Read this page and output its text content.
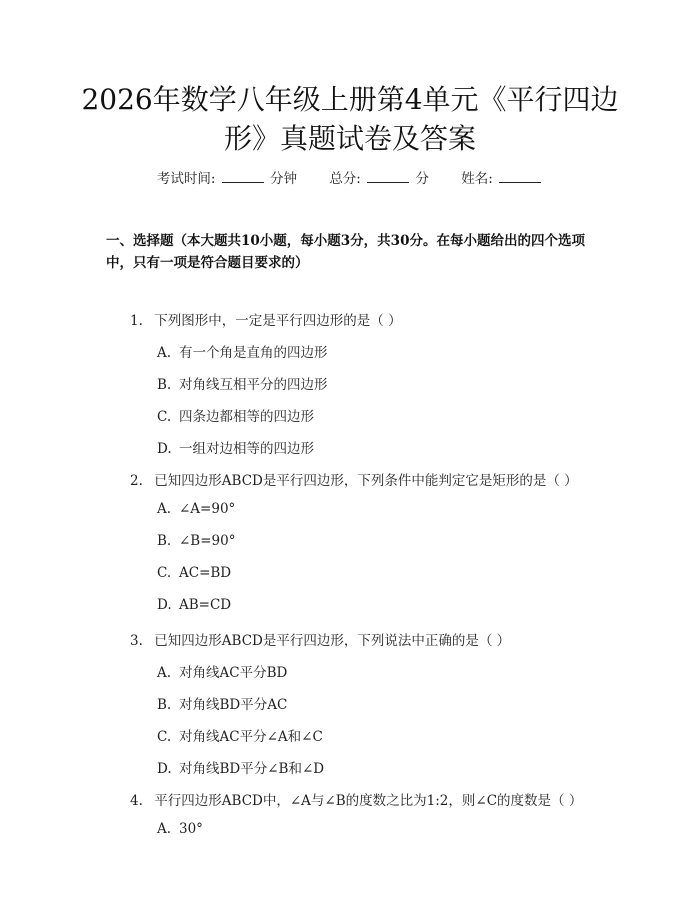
2026年数学八年级上册第4单元《平行四边
形》真题试卷及答案
考试时间:	分钟 总分:	分 姓名:
一、选择题（本大题共10小题，每小题3分，共30分。在每小题给出的四个选项中，只有一项是符合题目要求的）
1. 下列图形中，一定是平行四边形的是（ ）
A. 有一个角是直角的四边形
B. 对角线互相平分的四边形
C. 四条边都相等的四边形
D. 一组对边相等的四边形
2. 已知四边形ABCD是平行四边形，下列条件中能判定它是矩形的是（ ）
A. ∠A=90°
B. ∠B=90°
C. AC=BD
D. AB=CD
3. 已知四边形ABCD是平行四边形，下列说法中正确的是（ ）
A. 对角线AC平分BD
B. 对角线BD平分AC
C. 对角线AC平分∠A和∠C
D. 对角线BD平分∠B和∠D
4. 平行四边形ABCD中，∠A与∠B的度数之比为1:2，则∠C的度数是（ ）
A. 30°
